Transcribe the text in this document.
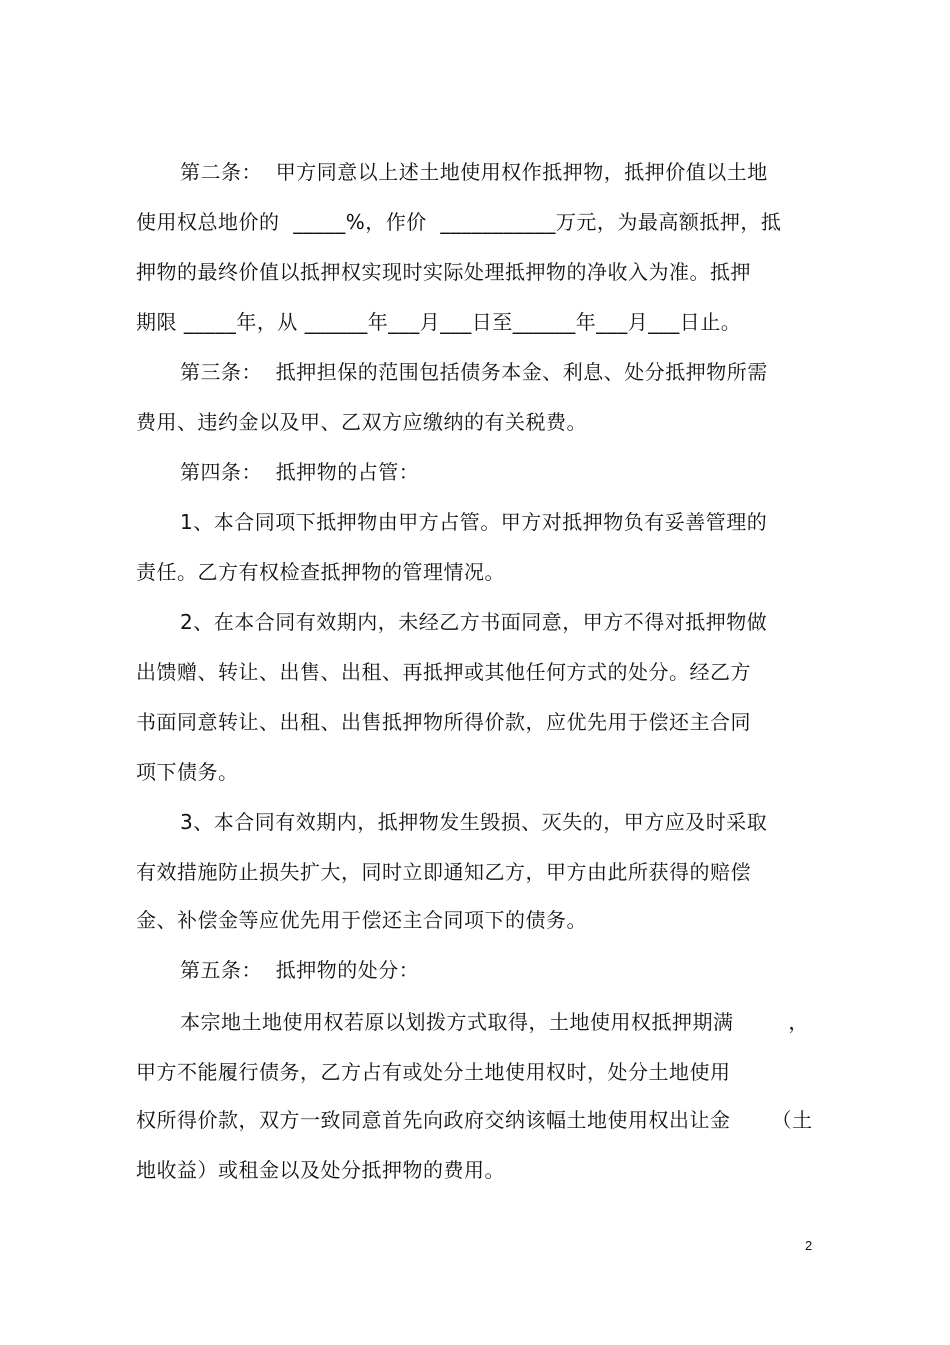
第二条：  甲方同意以上述土地使用权作抵押物，抵押价值以土地
使用权总地价的  _____%，作价  ___________万元，为最高额抵押，抵
押物的最终价值以抵押权实现时实际处理抵押物的净收入为准。抵押
期限 _____年，从 ______年___月___日至______年___月___日止。
第三条：  抵押担保的范围包括债务本金、利息、处分抵押物所需
费用、违约金以及甲、乙双方应缴纳的有关税费。
第四条：  抵押物的占管：
1、本合同项下抵押物由甲方占管。甲方对抵押物负有妥善管理的
责任。乙方有权检查抵押物的管理情况。
2、在本合同有效期内，未经乙方书面同意，甲方不得对抵押物做
出馈赠、转让、出售、出租、再抵押或其他任何方式的处分。经乙方
书面同意转让、出租、出售抵押物所得价款，应优先用于偿还主合同
项下债务。
3、本合同有效期内，抵押物发生毁损、灭失的，甲方应及时采取
有效措施防止损失扩大，同时立即通知乙方，甲方由此所获得的赔偿
金、补偿金等应优先用于偿还主合同项下的债务。
第五条：  抵押物的处分：
本宗地土地使用权若原以划拨方式取得，土地使用权抵押期满        ，
甲方不能履行债务，乙方占有或处分土地使用权时，处分土地使用
权所得价款，双方一致同意首先向政府交纳该幅土地使用权出让金      （土
地收益）或租金以及处分抵押物的费用。
2
